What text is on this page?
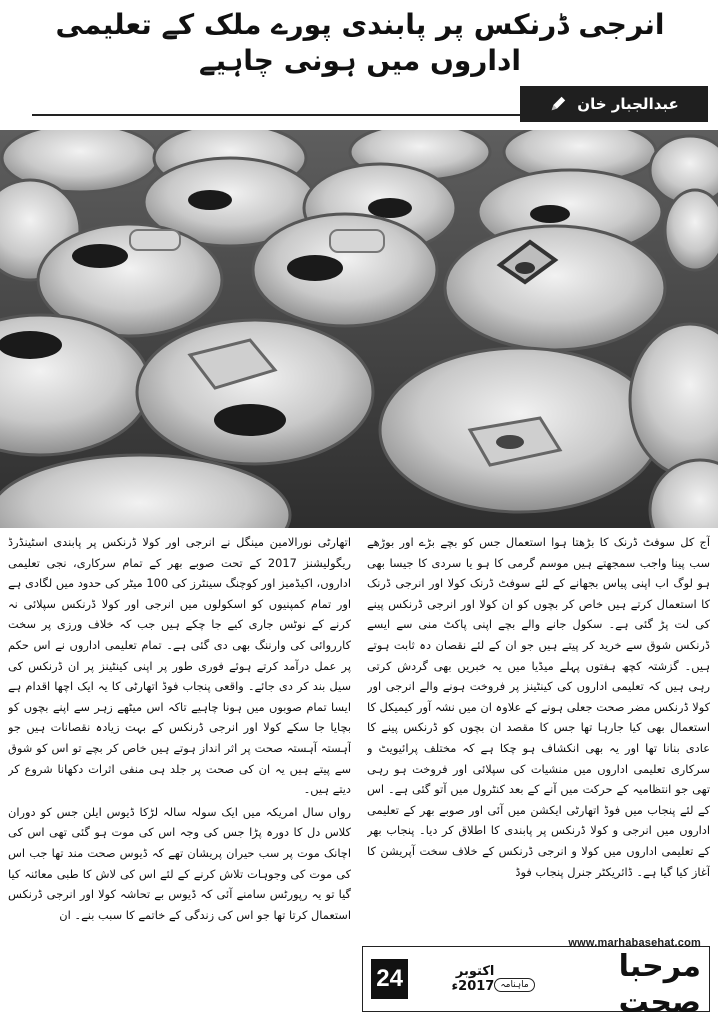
انرجی ڈرنکس پر پابندی پورے ملک کے تعلیمی اداروں میں ہونی چاہیے
عبدالجبار خان

آج کل سوفٹ ڈرنک کا بڑھتا ہوا استعمال جس کو بچے بڑے اور بوڑھے سب پینا واجب سمجھتے ہیں موسم گرمی کا ہو یا سردی کا جیسا بھی ہو لوگ اب اپنی پیاس بجھانے کے لئے سوفٹ ڈرنک کولا اور انرجی ڈرنک کا استعمال کرتے ہیں خاص کر بچوں کو ان کولا اور انرجی ڈرنکس پینے کی لت پڑ گئی ہے۔ سکول جانے والے بچے اپنی پاکٹ منی سے ایسے ڈرنکس شوق سے خرید کر پیتے ہیں جو ان کے لئے نقصان دہ ثابت ہوتے ہیں۔ گزشتہ کچھ ہفتوں پہلے میڈیا میں یہ خبریں بھی گردش کرتی رہی ہیں کہ تعلیمی اداروں کی کینٹینز پر فروخت ہونے والے انرجی اور کولا ڈرنکس مضر صحت جعلی ہونے کے علاوہ ان میں نشہ آور کیمیکل کا استعمال بھی کیا جارہا تھا جس کا مقصد ان بچوں کو ڈرنکس پینے کا عادی بنانا تھا اور یہ بھی انکشاف ہو چکا ہے کہ مختلف پرائیویٹ و سرکاری تعلیمی اداروں میں منشیات کی سپلائی اور فروخت ہو رہی تھی جو انتظامیہ کے حرکت میں آنے کے بعد کنٹرول میں آتو گئی ہے۔ اس کے لئے پنجاب میں فوڈ اتھارٹی ایکشن میں آئی اور صوبے بھر کے تعلیمی اداروں میں انرجی و کولا ڈرنکس پر پابندی کا اطلاق کر دیا۔ پنجاب بھر کے تعلیمی اداروں میں کولا و انرجی ڈرنکس کے خلاف سخت آپریشن کا آغاز کیا گیا ہے۔ ڈائریکٹر جنرل پنجاب فوڈ

اتھارٹی نورالامین مینگل نے انرجی اور کولا ڈرنکس پر پابندی اسٹینڈرڈ ریگولیشنز 2017 کے تحت صوبے بھر کے تمام سرکاری، نجی تعلیمی اداروں، اکیڈمیز اور کوچنگ سینٹرز کی 100 میٹر کی حدود میں لگادی ہے اور تمام کمپنیوں کو اسکولوں میں انرجی اور کولا ڈرنکس سپلائی نہ کرنے کے نوٹس جاری کیے جا چکے ہیں جب کہ خلاف ورزی پر سخت کارروائی کی وارننگ بھی دی گئی ہے۔ تمام تعلیمی اداروں نے اس حکم پر عمل درآمد کرتے ہوئے فوری طور پر اپنی کینٹینز پر ان ڈرنکس کی سیل بند کر دی جائے۔ واقعی پنجاب فوڈ اتھارٹی کا یہ ایک اچھا اقدام ہے ایسا تمام صوبوں میں ہونا چاہیے تاکہ اس میٹھے زہر سے اپنے بچوں کو بچایا جا سکے کولا اور انرجی ڈرنکس کے بہت زیادہ نقصانات ہیں جو آہستہ آہستہ صحت پر اثر انداز ہوتے ہیں خاص کر بچے تو اس کو شوق سے پیتے ہیں یہ ان کی صحت پر جلد ہی منفی اثرات دکھانا شروع کر دیتے ہیں۔

رواں سال امریکہ میں ایک سولہ سالہ لڑکا ڈیوس ایلن جس کو دوران کلاس دل کا دورہ پڑا جس کی وجہ اس کی موت ہو گئی تھی اس کی اچانک موت پر سب حیران پریشان تھے کہ ڈیوس صحت مند تھا جب اس کی موت کی وجوہات تلاش کرنے کے لئے اس کی لاش کا طبی معائنہ کیا گیا تو یہ رپورٹس سامنے آئی کہ ڈیوس بے تحاشہ کولا اور انرجی ڈرنکس استعمال کرتا تھا جو اس کی زندگی کے خاتمے کا سبب بنے۔ ان

24	اکتوبر 2017ء
www.marhabasehat.com
مرحبا صحت
ماہنامہ
